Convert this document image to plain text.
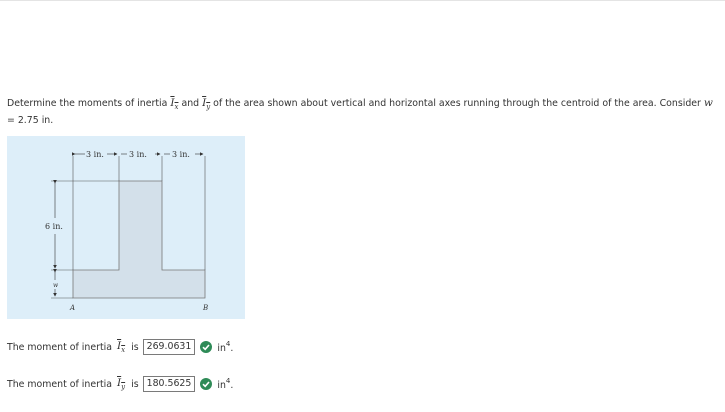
Determine the moments of inertia $I_x$ and $I_y$ of the area shown about vertical and horizontal axes running through the centroid of the area. Consider w = 2.75 in.
3 in.	3 in.	3 in.
6 in.
w
A	B
The moment of inertia $I_x$ is 269.0631	$in^4$.
The moment of inertia $I_y$ is 180.5625	$in^4$.
